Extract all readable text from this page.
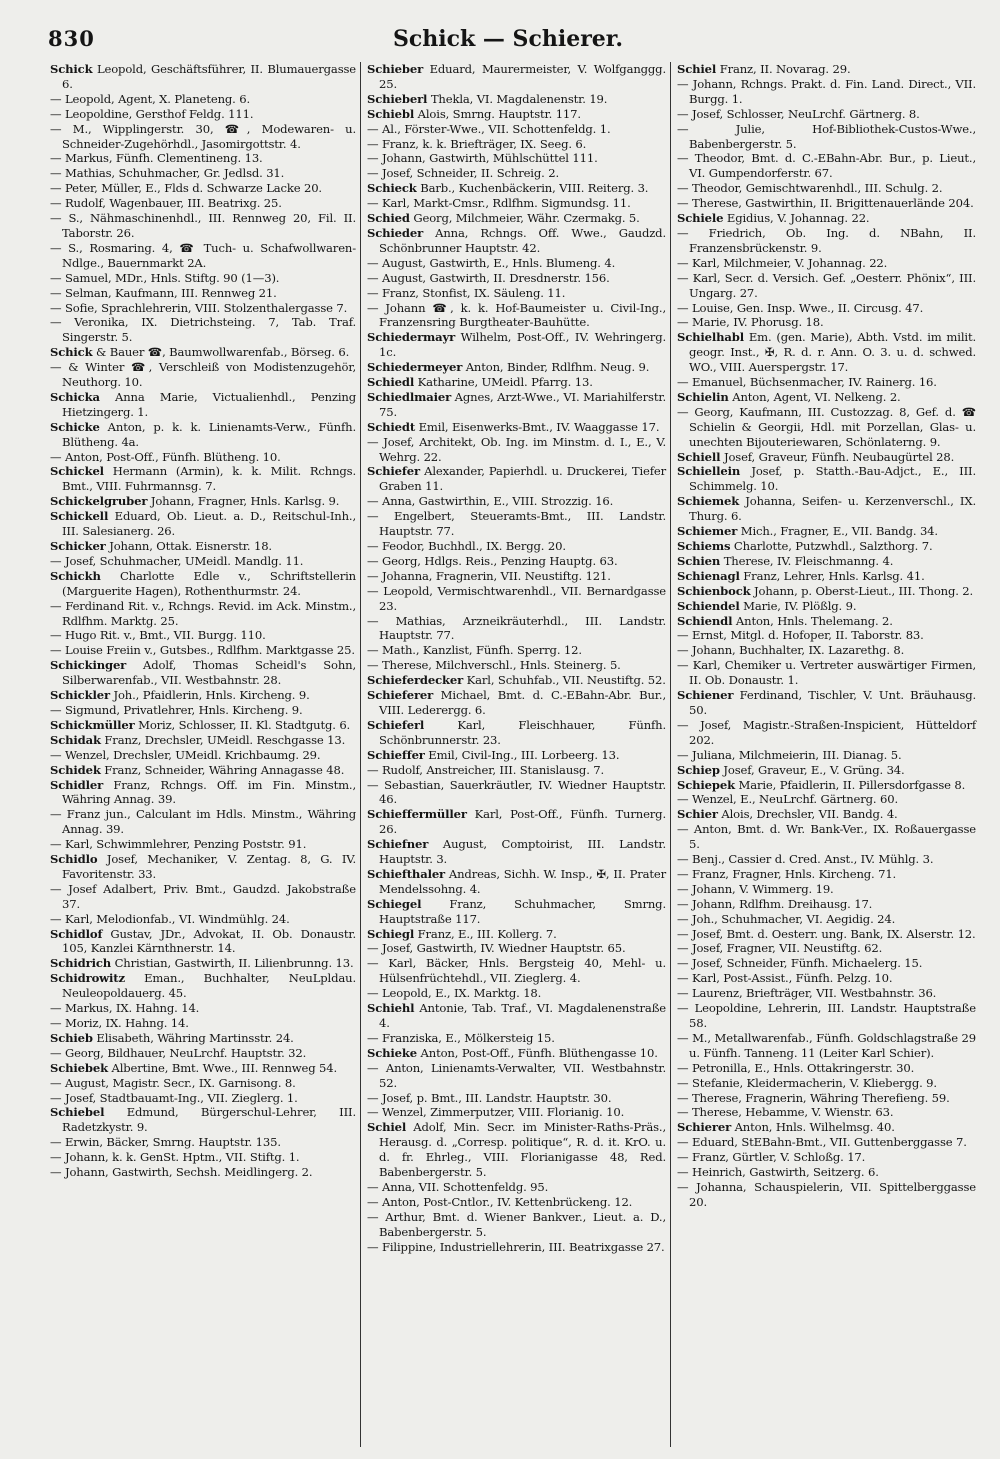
830	Schick — Schierer.
Schick Leopold, Geschäftsführer, II. Blumauergasse 6.
— Leopold, Agent, X. Planeteng. 6.
— Leopoldine, Gersthof Feldg. 111.
— M., Wipplingerstr. 30, ☎, Modewaren- u. Schneider-Zugehörhdl., Jasomirgottstr. 4.
— Markus, Fünfh. Clementineng. 13.
— Mathias, Schuhmacher, Gr. Jedlsd. 31.
— Peter, Müller, E., Flds d. Schwarze Lacke 20.
— Rudolf, Wagenbauer, III. Beatrixg. 25.
— S., Nähmaschinenhdl., III. Rennweg 20, Fil. II. Taborstr. 26.
— S., Rosmaring. 4, ☎ Tuch- u. Schafwollwaren-Ndlge., Bauernmarkt 2A.
— Samuel, MDr., Hnls. Stiftg. 90 (1—3).
— Selman, Kaufmann, III. Rennweg 21.
— Sofie, Sprachlehrerin, VIII. Stolzenthalergasse 7.
— Veronika, IX. Dietrichsteing. 7, Tab. Traf. Singerstr. 5.
Schick & Bauer ☎, Baumwollwarenfab., Börseg. 6.
— & Winter ☎, Verschleiß von Modistenzugehör, Neuthorg. 10.
Schicka Anna Marie, Victualienhdl., Penzing Hietzingerg. 1.
Schicke Anton, p. k. k. Linienamts-Verw., Fünfh. Blütheng. 4a.
— Anton, Post-Off., Fünfh. Blütheng. 10.
Schickel Hermann (Armin), k. k. Milit. Rchngs. Bmt., VIII. Fuhrmannsg. 7.
Schickelgruber Johann, Fragner, Hnls. Karlsg. 9.
Schickell Eduard, Ob. Lieut. a. D., Reitschul-Inh., III. Salesianerg. 26.
Schicker Johann, Ottak. Eisnerstr. 18.
— Josef, Schuhmacher, UMeidl. Mandlg. 11.
Schickh Charlotte Edle v., Schriftstellerin (Marguerite Hagen), Rothenthurmstr. 24.
— Ferdinand Rit. v., Rchngs. Revid. im Ack. Minstm., Rdlfhm. Marktg. 25.
— Hugo Rit. v., Bmt., VII. Burgg. 110.
— Louise Freiin v., Gutsbes., Rdlfhm. Marktgasse 25.
Schickinger Adolf, Thomas Scheidl's Sohn, Silberwarenfab., VII. Westbahnstr. 28.
Schickler Joh., Pfaidlerin, Hnls. Kircheng. 9.
— Sigmund, Privatlehrer, Hnls. Kircheng. 9.
Schickmüller Moriz, Schlosser, II. Kl. Stadtgutg. 6.
Schidak Franz, Drechsler, UMeidl. Reschgasse 13.
— Wenzel, Drechsler, UMeidl. Krichbaumg. 29.
Schidek Franz, Schneider, Währing Annagasse 48.
Schidler Franz, Rchngs. Off. im Fin. Minstm., Währing Annag. 39.
— Franz jun., Calculant im Hdls. Minstm., Währing Annag. 39.
— Karl, Schwimmlehrer, Penzing Poststr. 91.
Schidlo Josef, Mechaniker, V. Zentag. 8, G. IV. Favoritenstr. 33.
— Josef Adalbert, Priv. Bmt., Gaudzd. Jakobstraße 37.
— Karl, Melodionfab., VI. Windmühlg. 24.
Schidlof Gustav, JDr., Advokat, II. Ob. Donaustr. 105, Kanzlei Kärnthnerstr. 14.
Schidrich Christian, Gastwirth, II. Lilienbrunng. 13.
Schidrowitz Eman., Buchhalter, NeuLpldau. Neuleopoldauerg. 45.
— Markus, IX. Hahng. 14.
— Moriz, IX. Hahng. 14.
Schieb Elisabeth, Währing Martinsstr. 24.
— Georg, Bildhauer, NeuLrchf. Hauptstr. 32.
Schiebek Albertine, Bmt. Wwe., III. Rennweg 54.
— August, Magistr. Secr., IX. Garnisong. 8.
— Josef, Stadtbauamt-Ing., VII. Zieglerg. 1.
Schiebel Edmund, Bürgerschul-Lehrer, III. Radetzkystr. 9.
— Erwin, Bäcker, Smrng. Hauptstr. 135.
— Johann, k. k. GenSt. Hptm., VII. Stiftg. 1.
— Johann, Gastwirth, Sechsh. Meidlingerg. 2.
Schieber Eduard, Maurermeister, V. Wolfganggg. 25.
Schieberl Thekla, VI. Magdalenenstr. 19.
Schiebl Alois, Smrng. Hauptstr. 117.
— Al., Förster-Wwe., VII. Schottenfeldg. 1.
— Franz, k. k. Briefträger, IX. Seeg. 6.
— Johann, Gastwirth, Mühlschüttel 111.
— Josef, Schneider, II. Schreig. 2.
Schieck Barb., Kuchenbäckerin, VIII. Reiterg. 3.
— Karl, Markt-Cmsr., Rdlfhm. Sigmundsg. 11.
Schied Georg, Milchmeier, Währ. Czermakg. 5.
Schieder Anna, Rchngs. Off. Wwe., Gaudzd. Schönbrunner Hauptstr. 42.
— August, Gastwirth, E., Hnls. Blumeng. 4.
— August, Gastwirth, II. Dresdnerstr. 156.
— Franz, Stonfist, IX. Säuleng. 11.
— Johann ☎, k. k. Hof-Baumeister u. Civil-Ing., Franzensring Burgtheater-Bauhütte.
Schiedermayr Wilhelm, Post-Off., IV. Wehringerg. 1c.
Schiedermeyer Anton, Binder, Rdlfhm. Neug. 9.
Schiedl Katharine, UMeidl. Pfarrg. 13.
Schiedlmaier Agnes, Arzt-Wwe., VI. Mariahilferstr. 75.
Schiedt Emil, Eisenwerks-Bmt., IV. Waaggasse 17.
— Josef, Architekt, Ob. Ing. im Minstm. d. I., E., V. Wehrg. 22.
Schiefer Alexander, Papierhdl. u. Druckerei, Tiefer Graben 11.
— Anna, Gastwirthin, E., VIII. Strozzig. 16.
— Engelbert, Steueramts-Bmt., III. Landstr. Hauptstr. 77.
— Feodor, Buchhdl., IX. Bergg. 20.
— Georg, Hdlgs. Reis., Penzing Hauptg. 63.
— Johanna, Fragnerin, VII. Neustiftg. 121.
— Leopold, Vermischtwarenhdl., VII. Bernardgasse 23.
— Mathias, Arzneikräuterhdl., III. Landstr. Hauptstr. 77.
— Math., Kanzlist, Fünfh. Sperrg. 12.
— Therese, Milchverschl., Hnls. Steinerg. 5.
Schieferdecker Karl, Schuhfab., VII. Neustiftg. 52.
Schieferer Michael, Bmt. d. C.-EBahn-Abr. Bur., VIII. Lederergg. 6.
Schieferl Karl, Fleischhauer, Fünfh. Schönbrunnerstr. 23.
Schieffer Emil, Civil-Ing., III. Lorbeerg. 13.
— Rudolf, Anstreicher, III. Stanislausg. 7.
— Sebastian, Sauerkräutler, IV. Wiedner Hauptstr. 46.
Schieffermüller Karl, Post-Off., Fünfh. Turnerg. 26.
Schiefner August, Comptoirist, III. Landstr. Hauptstr. 3.
Schiefthaler Andreas, Sichh. W. Insp., ✠, II. Prater Mendelssohng. 4.
Schiegel Franz, Schuhmacher, Smrng. Hauptstraße 117.
Schiegl Franz, E., III. Kollerg. 7.
— Josef, Gastwirth, IV. Wiedner Hauptstr. 65.
— Karl, Bäcker, Hnls. Bergsteig 40, Mehl- u. Hülsenfrüchtehdl., VII. Zieglerg. 4.
— Leopold, E., IX. Marktg. 18.
Schiehl Antonie, Tab. Traf., VI. Magdalenenstraße 4.
— Franziska, E., Mölkersteig 15.
Schieke Anton, Post-Off., Fünfh. Blüthengasse 10.
— Anton, Linienamts-Verwalter, VII. Westbahnstr. 52.
— Josef, p. Bmt., III. Landstr. Hauptstr. 30.
— Wenzel, Zimmerputzer, VIII. Florianig. 10.
Schiel Adolf, Min. Secr. im Minister-Raths-Präs., Herausg. d. „Corresp. politique“, R. d. it. KrO. u. d. fr. Ehrleg., VIII. Florianigasse 48, Red. Babenbergerstr. 5.
— Anna, VII. Schottenfeldg. 95.
— Anton, Post-Cntlor., IV. Kettenbrückeng. 12.
— Arthur, Bmt. d. Wiener Bankver., Lieut. a. D., Babenbergerstr. 5.
— Filippine, Industriellehrerin, III. Beatrixgasse 27.
Schiel Franz, II. Novarag. 29.
— Johann, Rchngs. Prakt. d. Fin. Land. Direct., VII. Burgg. 1.
— Josef, Schlosser, NeuLrchf. Gärtnerg. 8.
— Julie, Hof-Bibliothek-Custos-Wwe., Babenbergerstr. 5.
— Theodor, Bmt. d. C.-EBahn-Abr. Bur., p. Lieut., VI. Gumpendorferstr. 67.
— Theodor, Gemischtwarenhdl., III. Schulg. 2.
— Therese, Gastwirthin, II. Brigittenauerlände 204.
Schiele Egidius, V. Johannag. 22.
— Friedrich, Ob. Ing. d. NBahn, II. Franzensbrückenstr. 9.
— Karl, Milchmeier, V. Johannag. 22.
— Karl, Secr. d. Versich. Gef. „Oesterr. Phönix“, III. Ungarg. 27.
— Louise, Gen. Insp. Wwe., II. Circusg. 47.
— Marie, IV. Phorusg. 18.
Schielhabl Em. (gen. Marie), Abth. Vstd. im milit. geogr. Inst., ✠, R. d. r. Ann. O. 3. u. d. schwed. WO., VIII. Auerspergstr. 17.
— Emanuel, Büchsenmacher, IV. Rainerg. 16.
Schielin Anton, Agent, VI. Nelkeng. 2.
— Georg, Kaufmann, III. Custozzag. 8, Gef. d. ☎ Schielin & Georgii, Hdl. mit Porzellan, Glas- u. unechten Bijouteriewaren, Schönlaterng. 9.
Schiell Josef, Graveur, Fünfh. Neubaugürtel 28.
Schiellein Josef, p. Statth.-Bau-Adjct., E., III. Schimmelg. 10.
Schiemek Johanna, Seifen- u. Kerzenverschl., IX. Thurg. 6.
Schiemer Mich., Fragner, E., VII. Bandg. 34.
Schiems Charlotte, Putzwhdl., Salzthorg. 7.
Schien Therese, IV. Fleischmanng. 4.
Schienagl Franz, Lehrer, Hnls. Karlsg. 41.
Schienbock Johann, p. Oberst-Lieut., III. Thong. 2.
Schiendel Marie, IV. Plößlg. 9.
Schiendl Anton, Hnls. Thelemang. 2.
— Ernst, Mitgl. d. Hofoper, II. Taborstr. 83.
— Johann, Buchhalter, IX. Lazarethg. 8.
— Karl, Chemiker u. Vertreter auswärtiger Firmen, II. Ob. Donaustr. 1.
Schiener Ferdinand, Tischler, V. Unt. Bräuhausg. 50.
— Josef, Magistr.-Straßen-Inspicient, Hütteldorf 202.
— Juliana, Milchmeierin, III. Dianag. 5.
Schiep Josef, Graveur, E., V. Grüng. 34.
Schiepek Marie, Pfaidlerin, II. Pillersdorfgasse 8.
— Wenzel, E., NeuLrchf. Gärtnerg. 60.
Schier Alois, Drechsler, VII. Bandg. 4.
— Anton, Bmt. d. Wr. Bank-Ver., IX. Roßauergasse 5.
— Benj., Cassier d. Cred. Anst., IV. Mühlg. 3.
— Franz, Fragner, Hnls. Kircheng. 71.
— Johann, V. Wimmerg. 19.
— Johann, Rdlfhm. Dreihausg. 17.
— Joh., Schuhmacher, VI. Aegidig. 24.
— Josef, Bmt. d. Oesterr. ung. Bank, IX. Alserstr. 12.
— Josef, Fragner, VII. Neustiftg. 62.
— Josef, Schneider, Fünfh. Michaelerg. 15.
— Karl, Post-Assist., Fünfh. Pelzg. 10.
— Laurenz, Briefträger, VII. Westbahnstr. 36.
— Leopoldine, Lehrerin, III. Landstr. Hauptstraße 58.
— M., Metallwarenfab., Fünfh. Goldschlagstraße 29 u. Fünfh. Tanneng. 11 (Leiter Karl Schier).
— Petronilla, E., Hnls. Ottakringerstr. 30.
— Stefanie, Kleidermacherin, V. Kliebergg. 9.
— Therese, Fragnerin, Währing Therefieng. 59.
— Therese, Hebamme, V. Wienstr. 63.
Schierer Anton, Hnls. Wilhelmsg. 40.
— Eduard, StEBahn-Bmt., VII. Guttenberggasse 7.
— Franz, Gürtler, V. Schloßg. 17.
— Heinrich, Gastwirth, Seitzerg. 6.
— Johanna, Schauspielerin, VII. Spittelberggasse 20.
